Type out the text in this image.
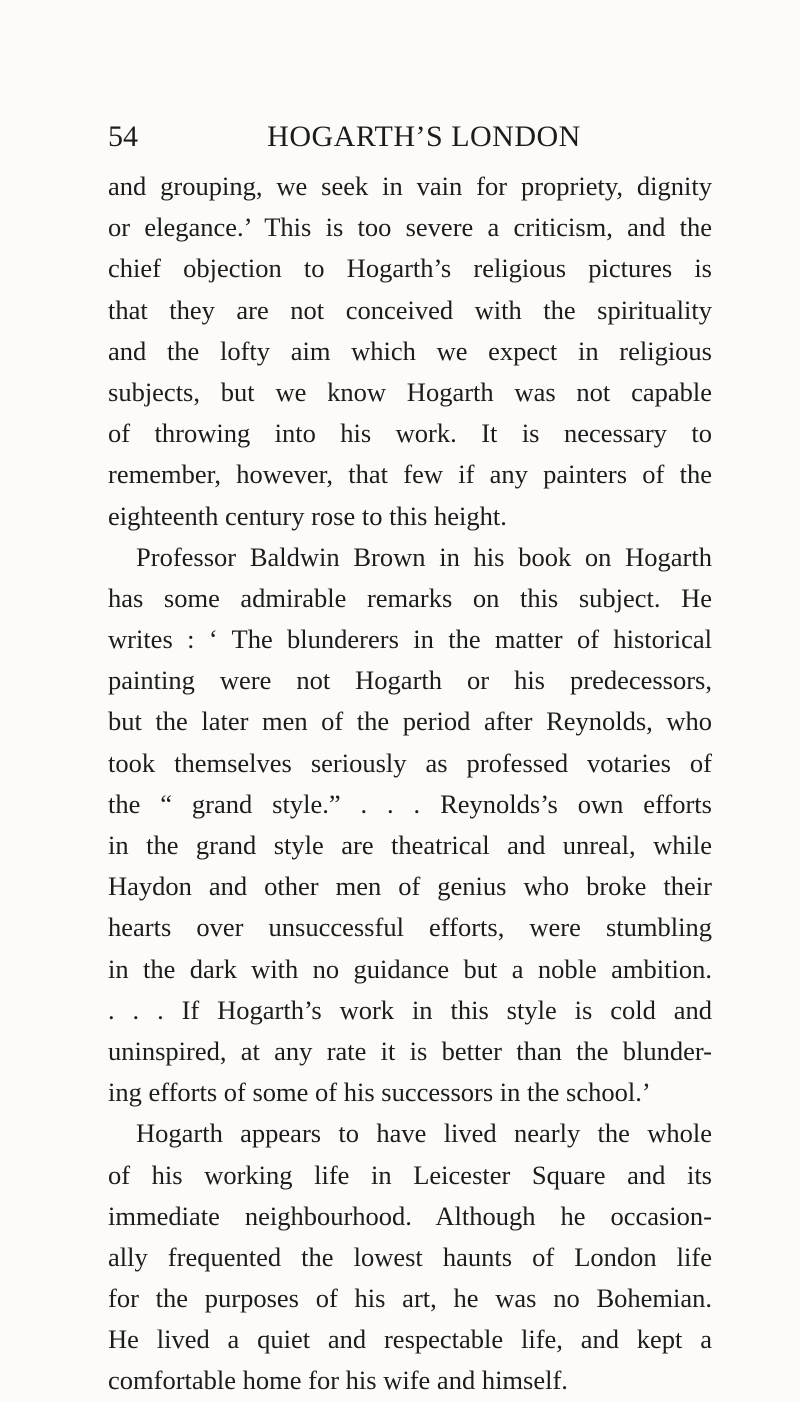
54	HOGARTH’S LONDON
and grouping, we seek in vain for propriety, dignity
or elegance.’ This is too severe a criticism, and the
chief objection to Hogarth’s religious pictures is
that they are not conceived with the spirituality
and the lofty aim which we expect in religious
subjects, but we know Hogarth was not capable
of throwing into his work. It is necessary to
remember, however, that few if any painters of the
eighteenth century rose to this height.
Professor Baldwin Brown in his book on Hogarth
has some admirable remarks on this subject. He
writes : ‘ The blunderers in the matter of historical
painting were not Hogarth or his predecessors,
but the later men of the period after Reynolds, who
took themselves seriously as professed votaries of
the “ grand style.” . . . Reynolds’s own efforts
in the grand style are theatrical and unreal, while
Haydon and other men of genius who broke their
hearts over unsuccessful efforts, were stumbling
in the dark with no guidance but a noble ambition.
. . . If Hogarth’s work in this style is cold and
uninspired, at any rate it is better than the blunder-
ing efforts of some of his successors in the school.’
Hogarth appears to have lived nearly the whole
of his working life in Leicester Square and its
immediate neighbourhood. Although he occasion-
ally frequented the lowest haunts of London life
for the purposes of his art, he was no Bohemian.
He lived a quiet and respectable life, and kept a
comfortable home for his wife and himself.
